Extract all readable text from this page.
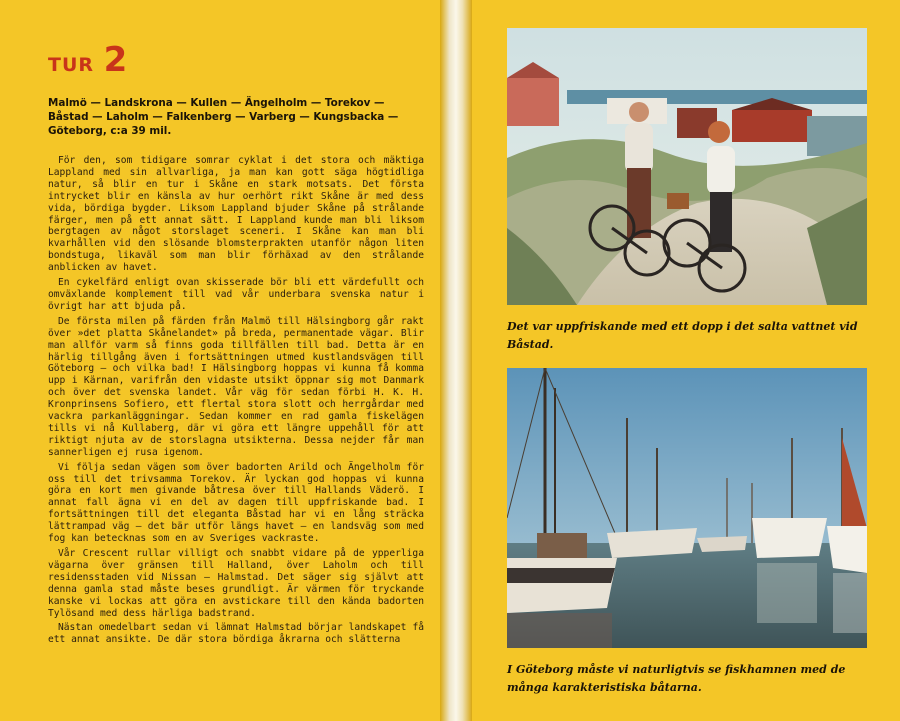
TUR 2
Malmö — Landskrona — Kullen — Ängelholm — Torekov — Båstad — Laholm — Falkenberg — Varberg — Kungsbacka — Göteborg, c:a 39 mil.

För den, som tidigare somrar cyklat i det stora och mäktiga Lappland med sin allvarliga, ja man kan gott säga högtidliga natur, så blir en tur i Skåne en stark motsats. Det första intrycket blir en känsla av hur oerhört rikt Skåne är med dess vida, bördiga bygder. Liksom Lappland bjuder Skåne på strålande färger, men på ett annat sätt. I Lappland kunde man bli liksom bergtagen av något storslaget sceneri. I Skåne kan man bli kvarhållen vid den slösande blomsterprakten utanför någon liten bondstuga, likaväl som man blir förhäxad av den strålande anblicken av havet.

En cykelfärd enligt ovan skisserade bör bli ett värdefullt och omväxlande komplement till vad vår underbara svenska natur i övrigt har att bjuda på.

De första milen på färden från Malmö till Hälsingborg går rakt över »det platta Skånelandet» på breda, permanentade vägar. Blir man allför varm så finns goda tillfällen till bad. Detta är en härlig tillgång även i fortsättningen utmed kustlandsvägen till Göteborg — och vilka bad! I Hälsingborg hoppas vi kunna få komma upp i Kärnan, varifrån den vidaste utsikt öppnar sig mot Danmark och över det svenska landet. Vår väg för sedan förbi H. K. H. Kronprinsens Sofiero, ett flertal stora slott och herrgårdar med vackra parkanläggningar. Sedan kommer en rad gamla fiskelägen tills vi nå Kullaberg, där vi göra ett längre uppehåll för att riktigt njuta av de storslagna utsikterna. Dessa nejder får man sannerligen ej rusa igenom.

Vi följa sedan vägen som över badorten Arild och Ängelholm för oss till det trivsamma Torekov. Är lyckan god hoppas vi kunna göra en kort men givande båtresa över till Hallands Väderö. I annat fall ägna vi en del av dagen till uppfriskande bad. I fortsättningen till det eleganta Båstad har vi en lång sträcka lättrampad väg — det bär utför längs havet — en landsväg som med fog kan betecknas som en av Sveriges vackraste.

Vår Crescent rullar villigt och snabbt vidare på de ypperliga vägarna över gränsen till Halland, över Laholm och till residensstaden vid Nissan — Halmstad. Det säger sig självt att denna gamla stad måste beses grundligt. Är värmen för tryckande kanske vi lockas att göra en avstickare till den kända badorten Tylösand med dess härliga badstrand.

Nästan omedelbart sedan vi lämnat Halmstad börjar landskapet få ett annat ansikte. De där stora bördiga åkrarna och slätterna

Det var uppfriskande med ett dopp i det salta vattnet vid Båstad.
I Göteborg måste vi naturligtvis se fiskhamnen med de många karakteristiska båtarna.
